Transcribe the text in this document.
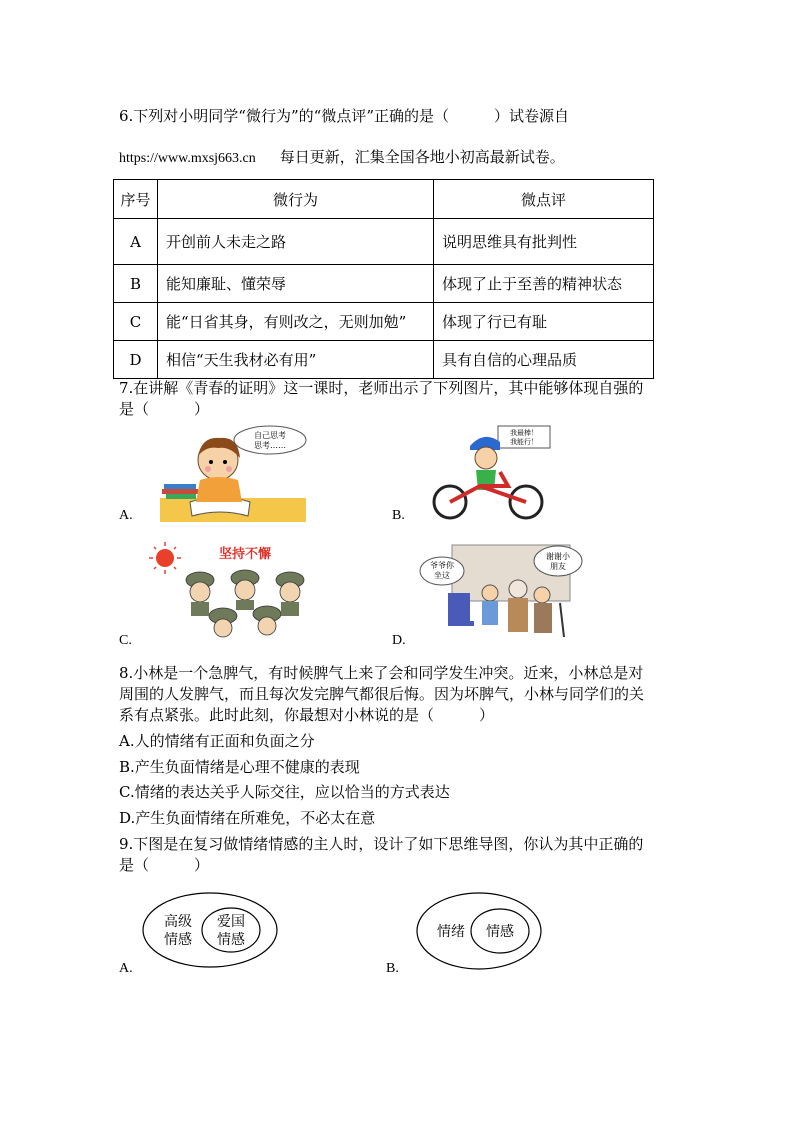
6.下列对小明同学“微行为”的“微点评”正确的是（　　　）试卷源自
https://www.mxsj663.cn 每日更新，汇集全国各地小初高最新试卷。
序号	微行为	微点评
A	开创前人未走之路	说明思维具有批判性
B	能知廉耻、懂荣辱	体现了止于至善的精神状态
C	能“日省其身，有则改之，无则加勉”	体现了行已有耻
D	相信“天生我材必有用”	具有自信的心理品质
7.在讲解《青春的证明》这一课时，老师出示了下列图片，其中能够体现自强的
是（　　　）
自己思考
思考……
A.
我最棒！
我能行！
B.
坚持不懈
C.
爷爷你
坐这
谢谢小
朋友
D.
8.小林是一个急脾气，有时候脾气上来了会和同学发生冲突。近来，小林总是对
周围的人发脾气，而且每次发完脾气都很后悔。因为坏脾气，小林与同学们的关
系有点紧张。此时此刻，你最想对小林说的是（　　　）
A.人的情绪有正面和负面之分
B.产生负面情绪是心理不健康的表现
C.情绪的表达关乎人际交往，应以恰当的方式表达
D.产生负面情绪在所难免，不必太在意
9.下图是在复习做情绪情感的主人时，设计了如下思维导图，你认为其中正确的
是（　　　）
高级
情感
爱国
情感
A.
情绪 情感
B.
